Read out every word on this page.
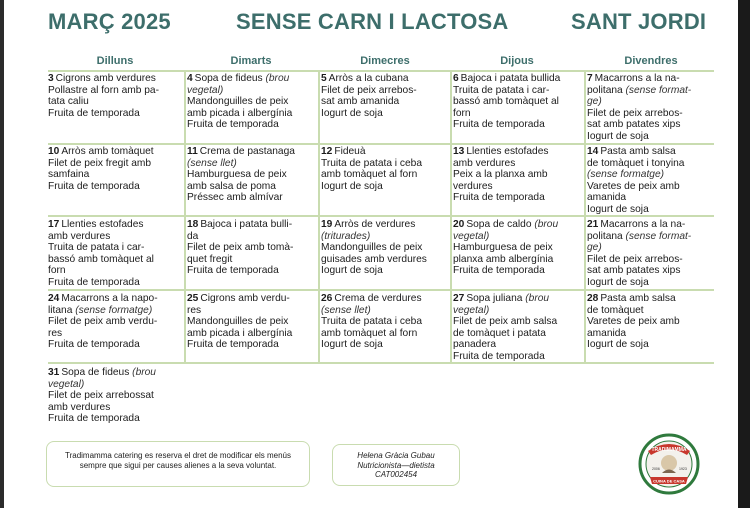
MARÇ 2025	SENSE CARN I LACTOSA	SANT JORDI
Dilluns	Dimarts	Dimecres	Dijous	Divendres
3 Cigrons amb verdures
Pollastre al forn amb pa-
tata caliu
Fruita de temporada
4 Sopa de fideus (brou
vegetal)
Mandonguilles de peix
amb picada i albergínia
Fruita de temporada
5 Arròs a la cubana
Filet de peix arrebos-
sat amb amanida
Iogurt de soja
6 Bajoca i patata bullida
Truita de patata i car-
bassó amb tomàquet al
forn
Fruita de temporada
7 Macarrons a la na-
politana (sense format-
ge)
Filet de peix arrebos-
sat amb patates xips
Iogurt de soja
10 Arròs amb tomàquet
Filet de peix fregit amb
samfaina
Fruita de temporada
11 Crema de pastanaga
(sense llet)
Hamburguesa de peix
amb salsa de poma
Préssec amb almívar
12 Fideuà
Truita de patata i ceba
amb tomàquet al forn
Iogurt de soja
13 Llenties estofades
amb verdures
Peix a la planxa amb
verdures
Fruita de temporada
14 Pasta amb salsa
de tomàquet i tonyina
(sense formatge)
Varetes de peix amb
amanida
Iogurt de soja
17 Llenties estofades
amb verdures
Truita de patata i car-
bassó amb tomàquet al
forn
Fruita de temporada
18 Bajoca i patata bulli-
da
Filet de peix amb tomà-
quet fregit
Fruita de temporada
19 Arròs de verdures
(triturades)
Mandonguilles de peix
guisades amb verdures
Iogurt de soja
20 Sopa de caldo (brou
vegetal)
Hamburguesa de peix
planxa amb albergínia
Fruita de temporada
21 Macarrons a la na-
politana (sense format-
ge)
Filet de peix arrebos-
sat amb patates xips
Iogurt de soja
24 Macarrons a la napo-
litana (sense formatge)
Filet de peix amb verdu-
res
Fruita de temporada
25 Cigrons amb verdu-
res
Mandonguilles de peix
amb picada i albergínia
Fruita de temporada
26 Crema de verdures
(sense llet)
Truita de patata i ceba
amb tomàquet al forn
Iogurt de soja
27 Sopa juliana (brou
vegetal)
Filet de peix amb salsa
de tomàquet i patata
panadera
Fruita de temporada
28 Pasta amb salsa
de tomàquet
Varetes de peix amb
amanida
Iogurt de soja
31 Sopa de fideus (brou
vegetal)
Filet de peix arrebossat
amb verdures
Fruita de temporada
Tradimamma catering es reserva el dret de modificar els menús sempre que sigui per causes alienes a la seva voluntat.
Helena Gràcia Gubau
Nutricionista—dietista
CAT002454
TRADIMAMMA
2006	1923
CUINA DE CASA
